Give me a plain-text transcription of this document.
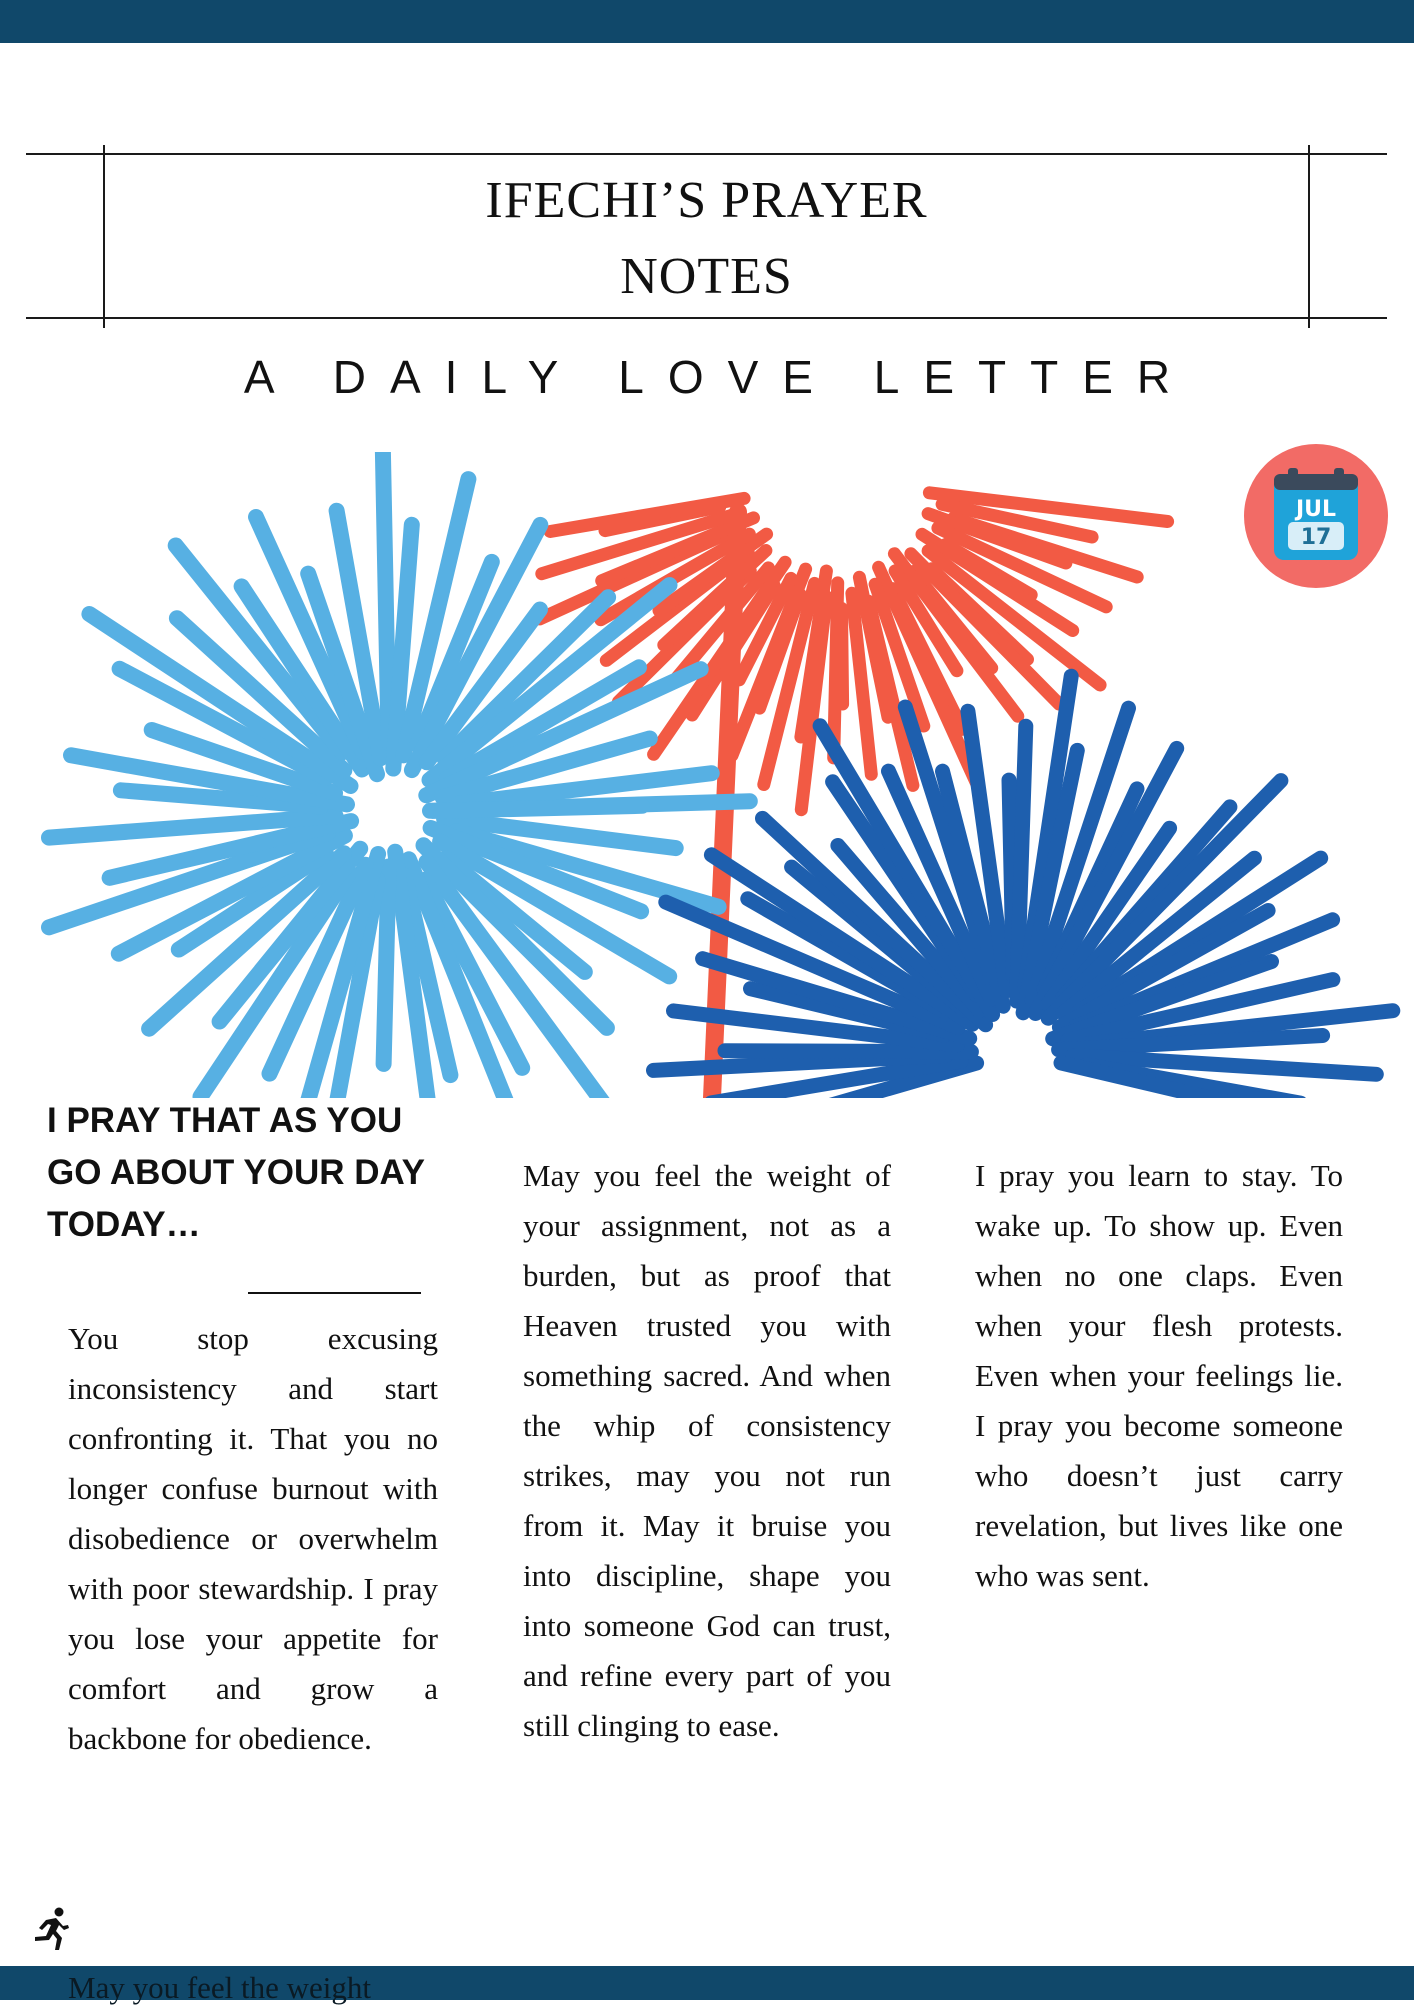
IFECHI’S PRAYER
NOTES
A DAILY LOVE LETTER
JUL
17
I PRAY THAT AS YOU GO ABOUT YOUR DAY TODAY…
You stop excusing inconsistency and start confronting it. That you no longer confuse burnout with disobedience or overwhelm with poor stewardship. I pray you lose your appetite for comfort and grow a backbone for obedience.
May you feel the weight of your assignment, not as a burden, but as proof that Heaven trusted you with something sacred. And when the whip of consistency strikes, may you not run from it. May it bruise you into discipline, shape you into someone God can trust, and refine every part of you still clinging to ease.
I pray you learn to stay. To wake up. To show up. Even when no one claps. Even when your flesh protests. Even when your feelings lie. I pray you become someone who doesn’t just carry revelation, but lives like one who was sent.
May you feel the weight
